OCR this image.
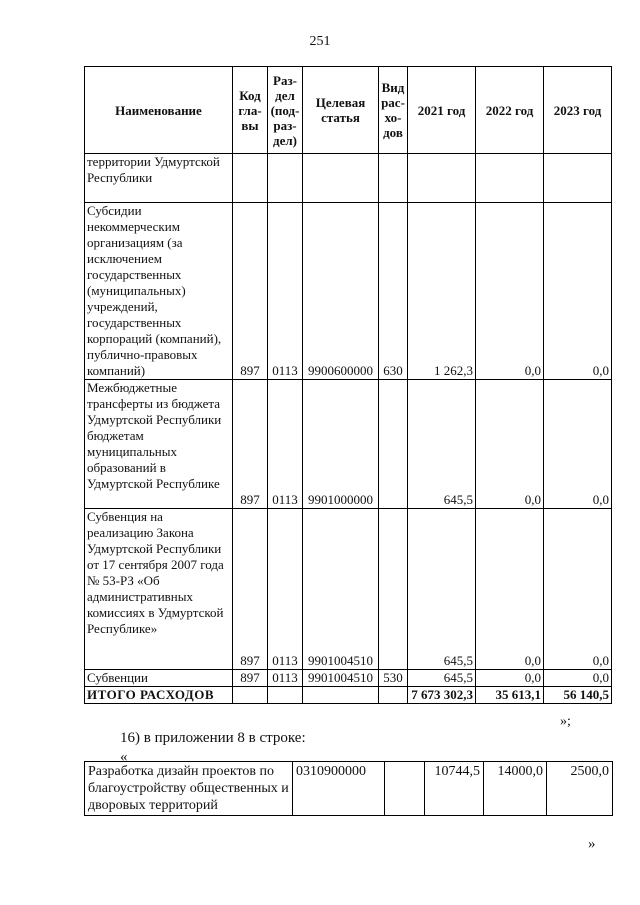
251
Наименование	Код гла-вы	Раз-дел (под-раз-дел)	Целевая статья	Вид рас-хо-дов	2021 год	2022 год	2023 год
территории Удмуртской Республики							
Субсидии некоммерческим организациям (за исключением государственных (муниципальных) учреждений, государственных корпораций (компаний), публично-правовых компаний)	897	0113	9900600000	630	1 262,3	0,0	0,0
Межбюджетные трансферты из бюджета Удмуртской Республики бюджетам муниципальных образований в Удмуртской Республике	897	0113	9901000000		645,5	0,0	0,0
Субвенция на реализацию Закона Удмуртской Республики от 17 сентября 2007 года № 53-РЗ «Об административных комиссиях в Удмуртской Республике»	897	0113	9901004510		645,5	0,0	0,0
Субвенции	897	0113	9901004510	530	645,5	0,0	0,0
ИТОГО РАСХОДОВ					7 673 302,3	35 613,1	56 140,5
»;
16) в приложении 8 в строке:
«
Разработка дизайн проектов по благоустройству общественных и дворовых территорий	0310900000		10744,5	14000,0	2500,0
»
